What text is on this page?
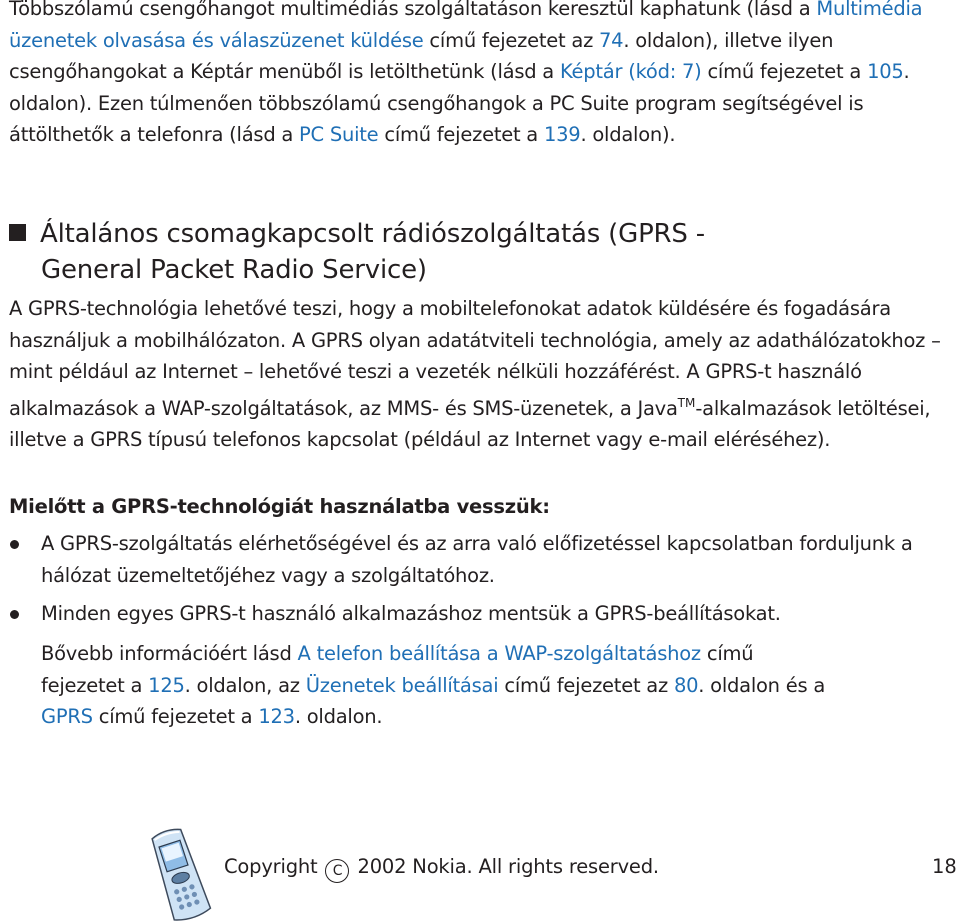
Többszólamú csengőhangot multimédiás szolgáltatáson keresztül kaphatunk (lásd a Multimédia üzenetek olvasása és válaszüzenet küldése című fejezetet az 74. oldalon), illetve ilyen csengőhangokat a Képtár menüből is letölthetünk (lásd a Képtár (kód: 7) című fejezetet a 105. oldalon). Ezen túlmenően többszólamú csengőhangok a PC Suite program segítségével is áttölthetők a telefonra (lásd a PC Suite című fejezetet a 139. oldalon).

Általános csomagkapcsolt rádiószolgáltatás (GPRS -
General Packet Radio Service)

A GPRS-technológia lehetővé teszi, hogy a mobiltelefonokat adatok küldésére és fogadására használjuk a mobilhálózaton. A GPRS olyan adatátviteli technológia, amely az adathálózatokhoz – mint például az Internet – lehetővé teszi a vezeték nélküli hozzáférést. A GPRS-t használó alkalmazások a WAP-szolgáltatások, az MMS- és SMS-üzenetek, a Java™-alkalmazások letöltései, illetve a GPRS típusú telefonos kapcsolat (például az Internet vagy e-mail eléréséhez).

Mielőtt a GPRS-technológiát használatba vesszük:

A GPRS-szolgáltatás elérhetőségével és az arra való előfizetéssel kapcsolatban forduljunk a hálózat üzemeltetőjéhez vagy a szolgáltatóhoz.
Minden egyes GPRS-t használó alkalmazáshoz mentsük a GPRS-beállításokat.

Bővebb információért lásd A telefon beállítása a WAP-szolgáltatáshoz című fejezetet a 125. oldalon, az Üzenetek beállításai című fejezetet az 80. oldalon és a GPRS című fejezetet a 123. oldalon.

Copyright C 2002 Nokia. All rights reserved.	18
